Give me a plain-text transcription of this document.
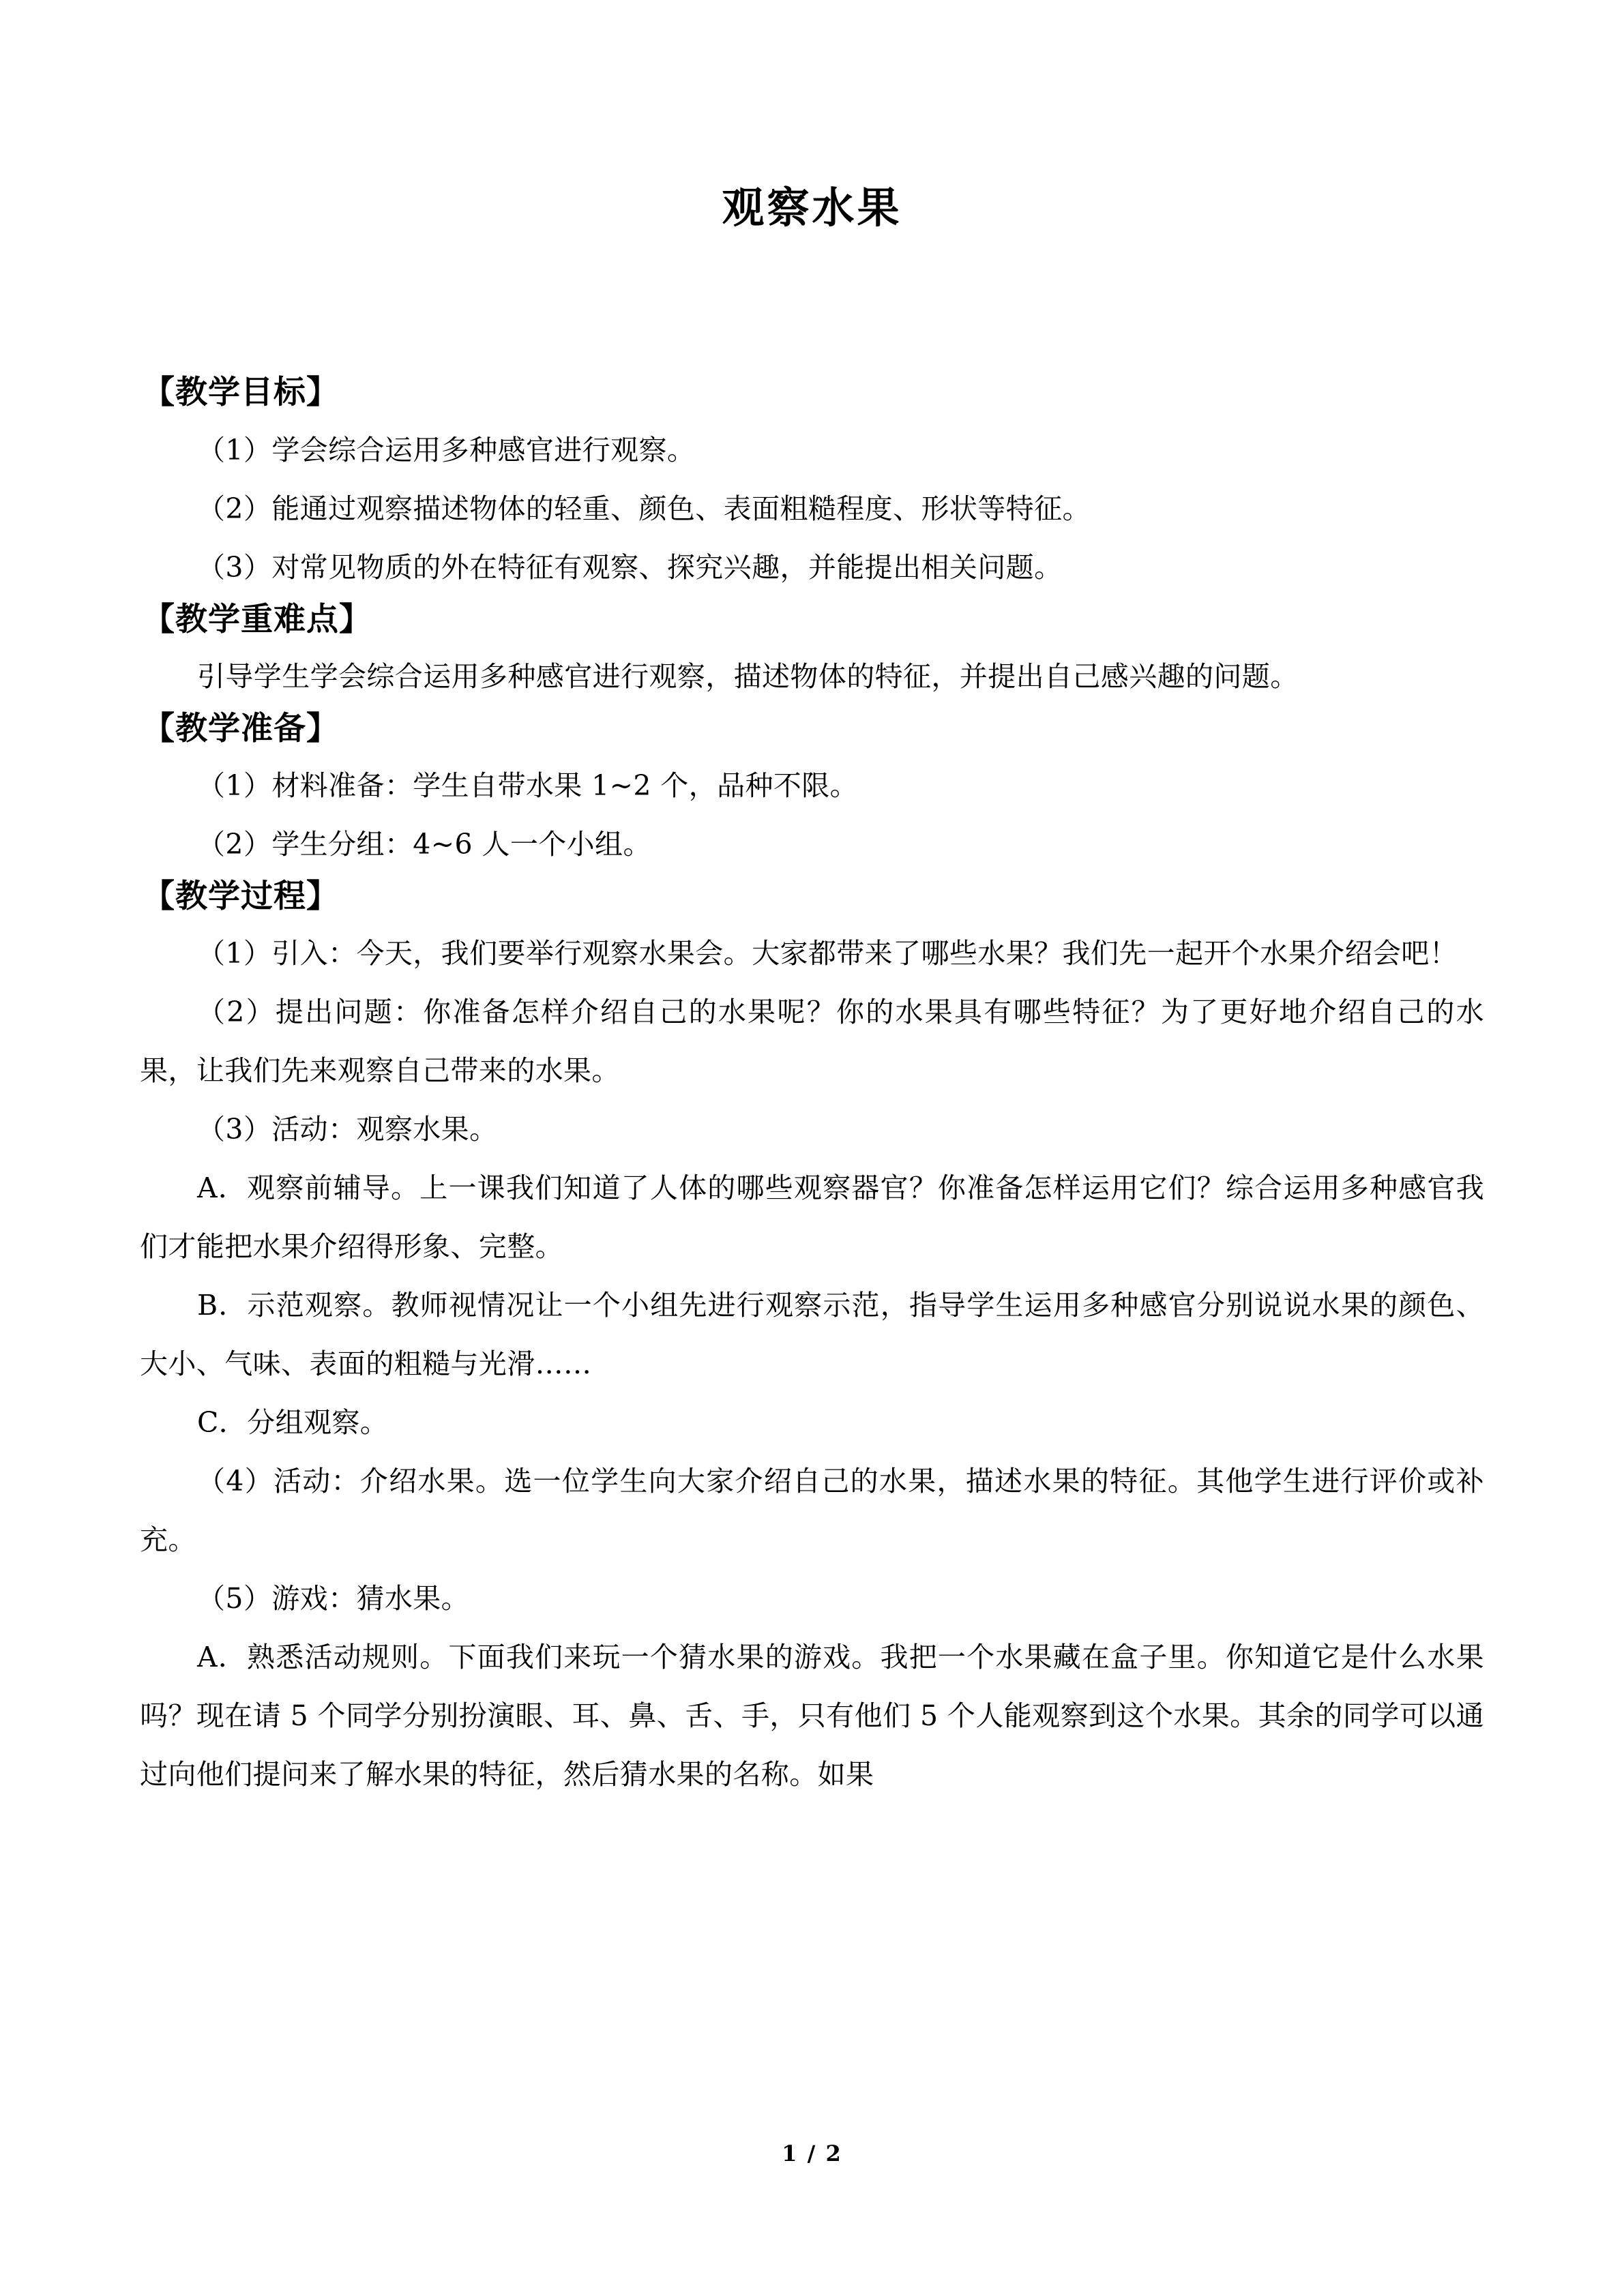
观察水果
【教学目标】

（1）学会综合运用多种感官进行观察。

（2）能通过观察描述物体的轻重、颜色、表面粗糙程度、形状等特征。

（3）对常见物质的外在特征有观察、探究兴趣，并能提出相关问题。

【教学重难点】

引导学生学会综合运用多种感官进行观察，描述物体的特征，并提出自己感兴趣的问题。

【教学准备】

（1）材料准备：学生自带水果 1~2 个，品种不限。

（2）学生分组：4~6 人一个小组。

【教学过程】

（1）引入：今天，我们要举行观察水果会。大家都带来了哪些水果？我们先一起开个水果介绍会吧！

（2）提出问题：你准备怎样介绍自己的水果呢？你的水果具有哪些特征？为了更好地介绍自己的水果，让我们先来观察自己带来的水果。

（3）活动：观察水果。

A．观察前辅导。上一课我们知道了人体的哪些观察器官？你准备怎样运用它们？综合运用多种感官我们才能把水果介绍得形象、完整。

B．示范观察。教师视情况让一个小组先进行观察示范，指导学生运用多种感官分别说说水果的颜色、大小、气味、表面的粗糙与光滑……

C．分组观察。

（4）活动：介绍水果。选一位学生向大家介绍自己的水果，描述水果的特征。其他学生进行评价或补充。

（5）游戏：猜水果。

A．熟悉活动规则。下面我们来玩一个猜水果的游戏。我把一个水果藏在盒子里。你知道它是什么水果吗？现在请 5 个同学分别扮演眼、耳、鼻、舌、手，只有他们 5 个人能观察到这个水果。其余的同学可以通过向他们提问来了解水果的特征，然后猜水果的名称。如果

1 / 2
